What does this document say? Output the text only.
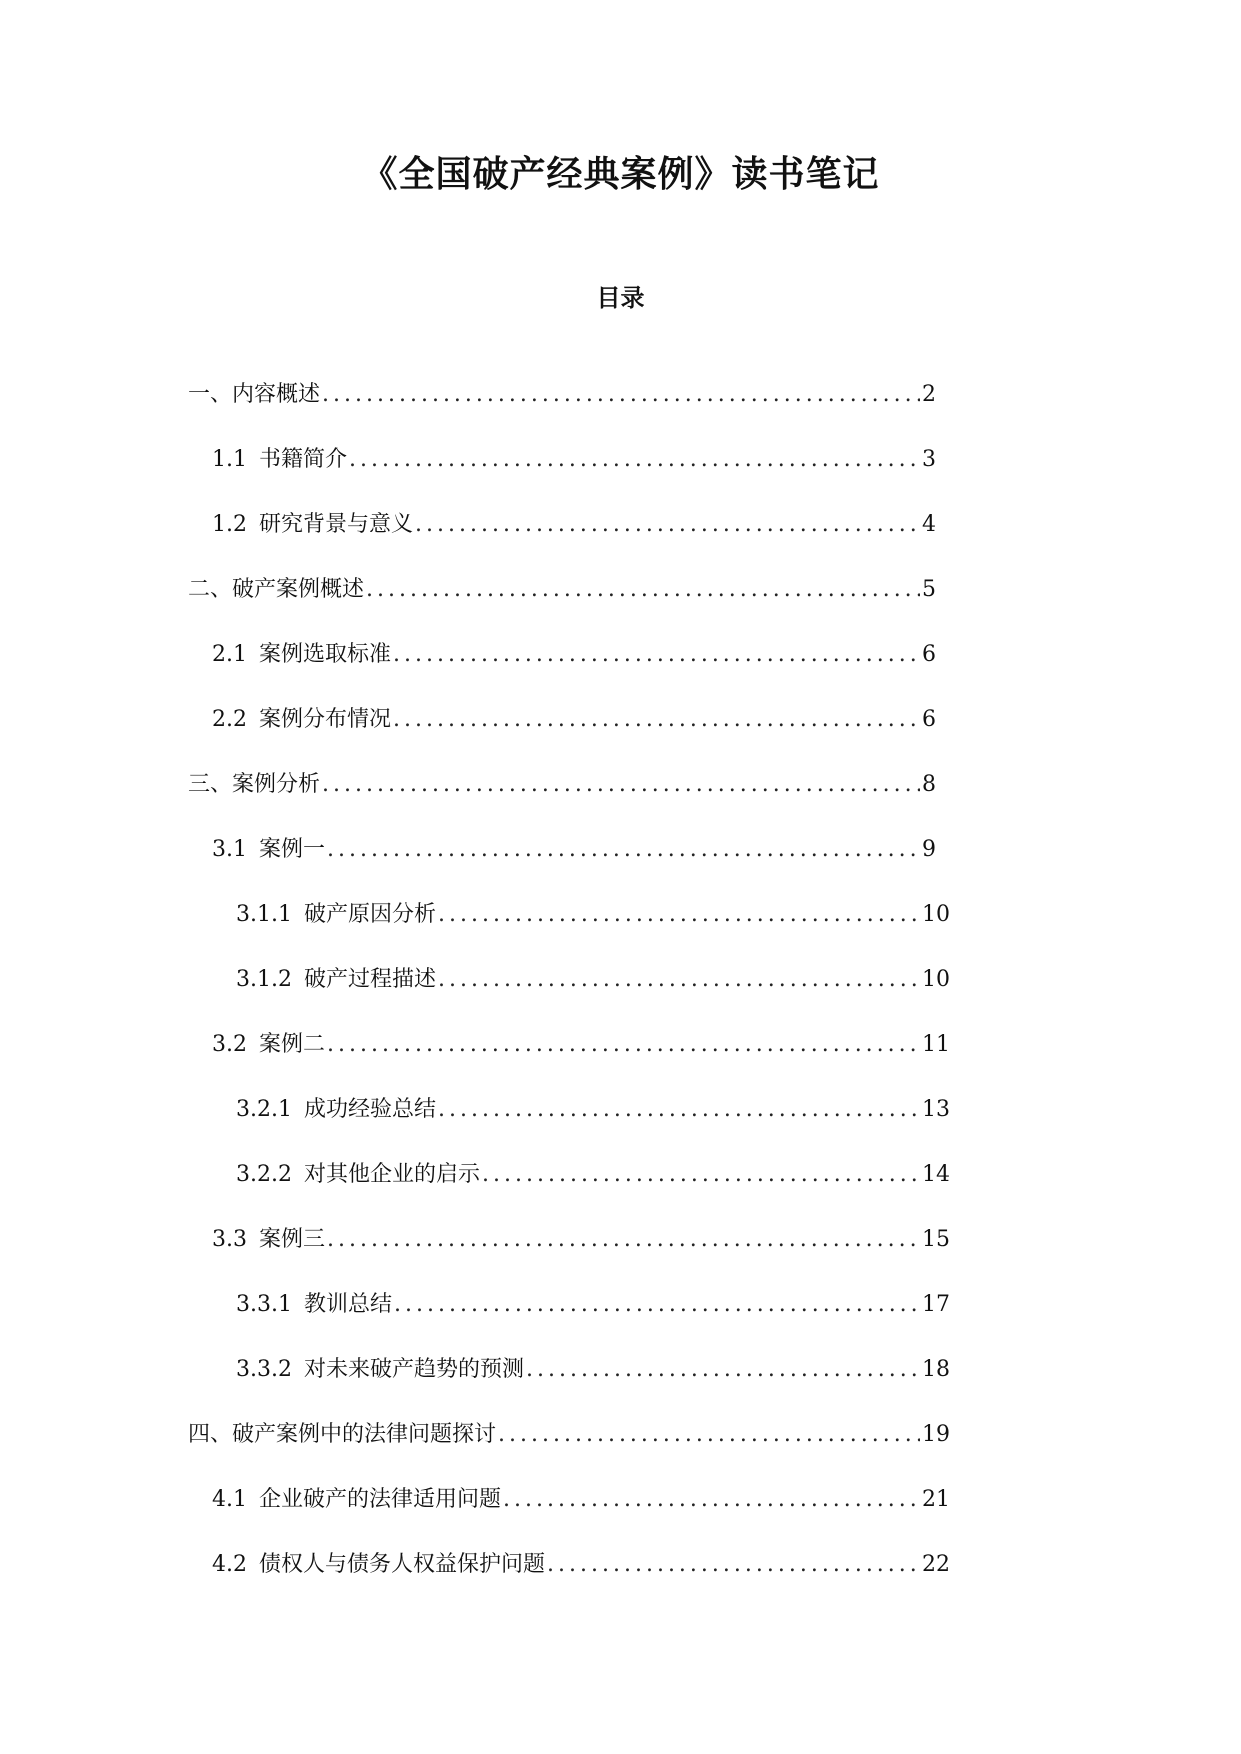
《全国破产经典案例》读书笔记
目录
一、内容概述 .....	2
1.1 书籍简介 .....	3
1.2 研究背景与意义 .....	4
二、破产案例概述 .....	5
2.1 案例选取标准 .....	6
2.2 案例分布情况 .....	6
三、案例分析 .....	8
3.1 案例一 .....	9
3.1.1 破产原因分析 .....	10
3.1.2 破产过程描述 .....	10
3.2 案例二 .....	11
3.2.1 成功经验总结 .....	13
3.2.2 对其他企业的启示 .....	14
3.3 案例三 .....	15
3.3.1 教训总结 .....	17
3.3.2 对未来破产趋势的预测 .....	18
四、破产案例中的法律问题探讨 .....	19
4.1 企业破产的法律适用问题 .....	21
4.2 债权人与债务人权益保护问题 .....	22
